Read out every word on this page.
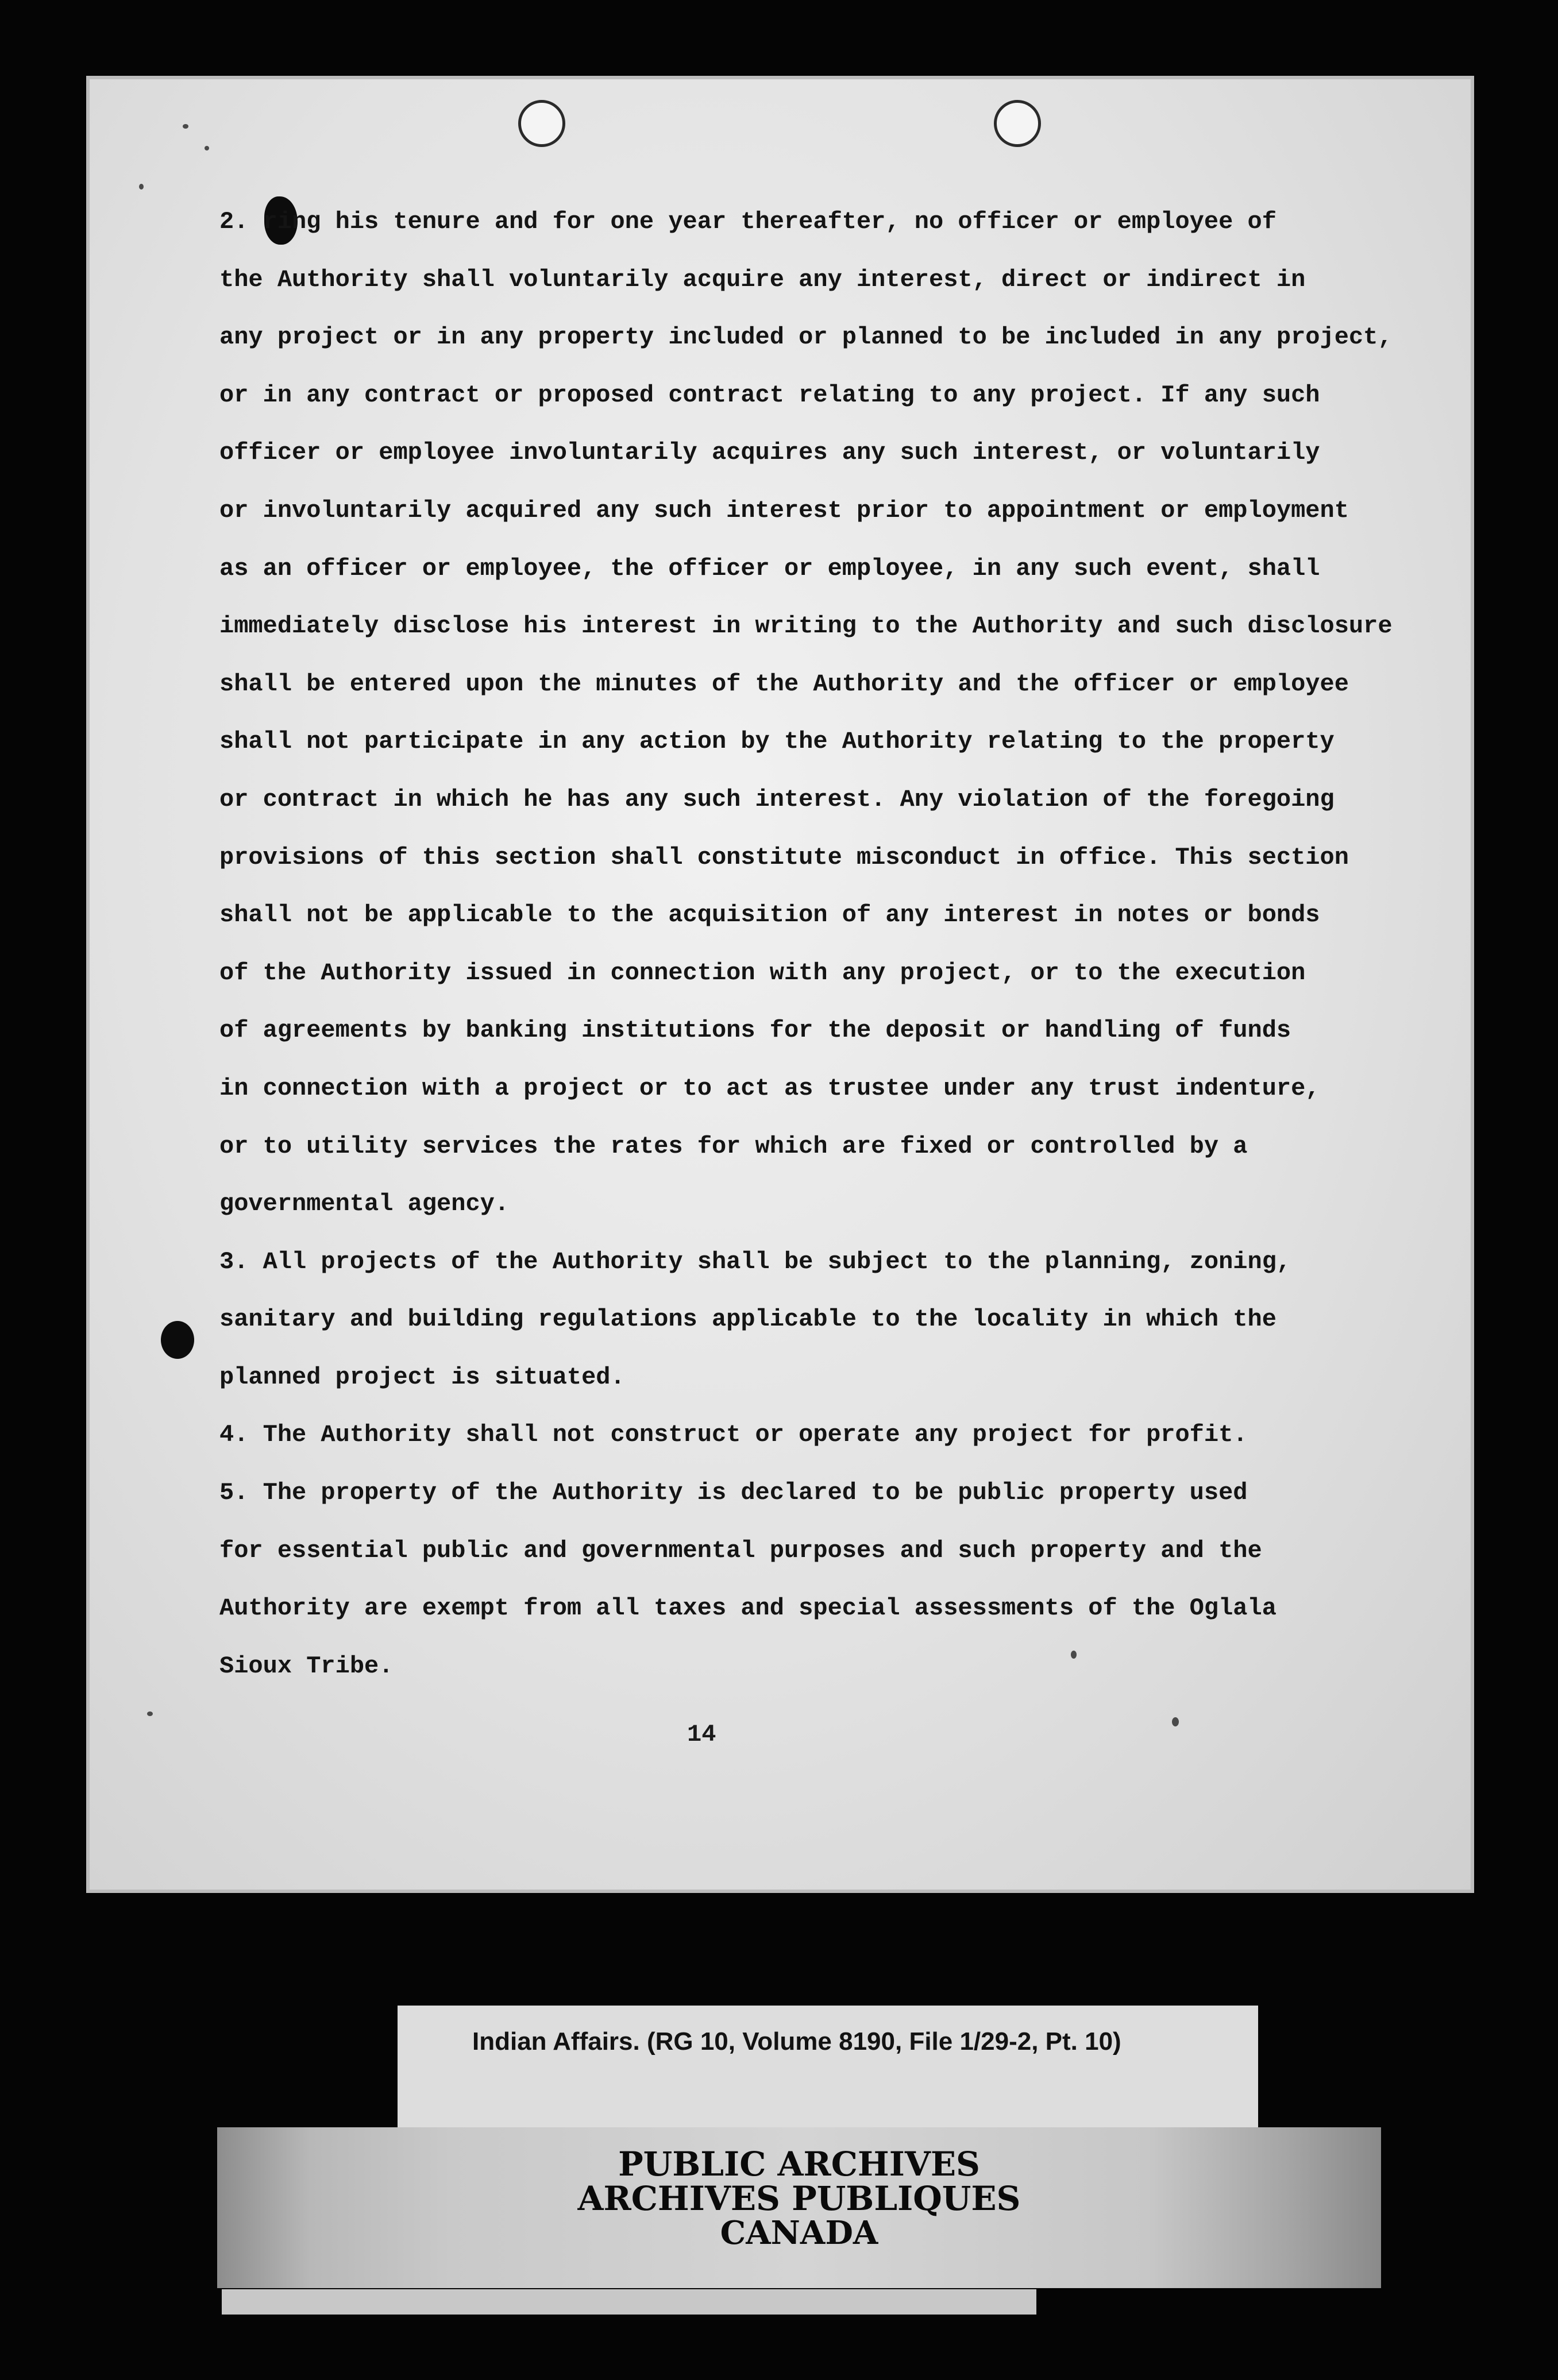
2. ring his tenure and for one year thereafter, no officer or employee of
the Authority shall voluntarily acquire any interest, direct or indirect in
any project or in any property included or planned to be included in any project,
or in any contract or proposed contract relating to any project. If any such
officer or employee involuntarily acquires any such interest, or voluntarily
or involuntarily acquired any such interest prior to appointment or employment
as an officer or employee, the officer or employee, in any such event, shall
immediately disclose his interest in writing to the Authority and such disclosure
shall be entered upon the minutes of the Authority and the officer or employee
shall not participate in any action by the Authority relating to the property
or contract in which he has any such interest. Any violation of the foregoing
provisions of this section shall constitute misconduct in office. This section
shall not be applicable to the acquisition of any interest in notes or bonds
of the Authority issued in connection with any project, or to the execution
of agreements by banking institutions for the deposit or handling of funds
in connection with a project or to act as trustee under any trust indenture,
or to utility services the rates for which are fixed or controlled by a
governmental agency.

3. All projects of the Authority shall be subject to the planning, zoning,
sanitary and building regulations applicable to the locality in which the
planned project is situated.

4. The Authority shall not construct or operate any project for profit.

5. The property of the Authority is declared to be public property used
for essential public and governmental purposes and such property and the
Authority are exempt from all taxes and special assessments of the Oglala
Sioux Tribe.

14
Indian Affairs. (RG 10, Volume 8190, File 1/29-2, Pt. 10)
PUBLIC ARCHIVES
ARCHIVES PUBLIQUES
CANADA
